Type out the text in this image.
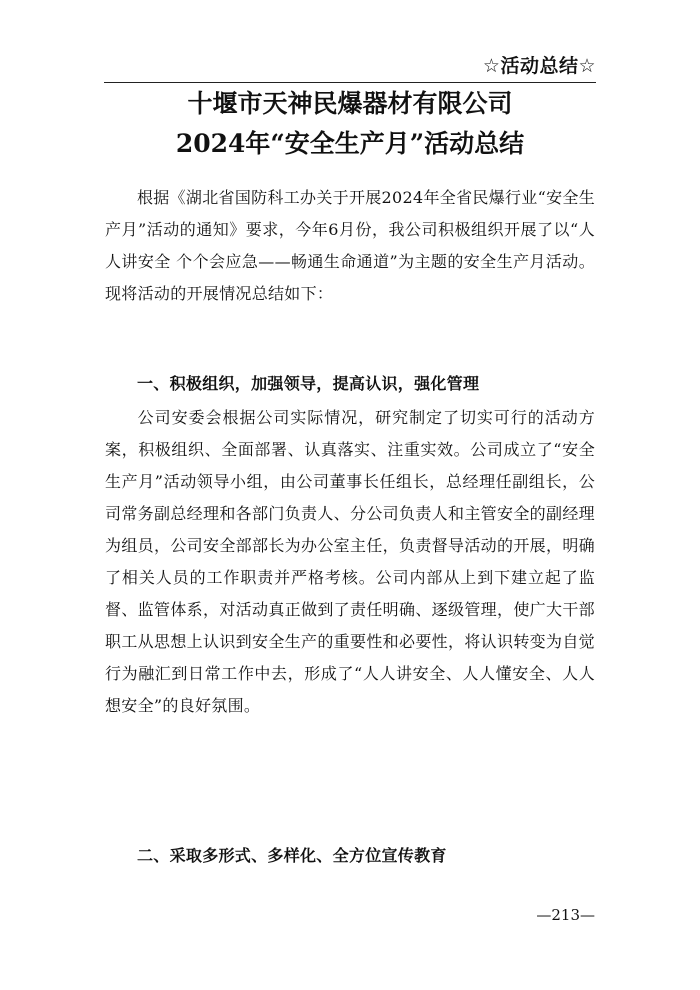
☆活动总结☆
十堰市天神民爆器材有限公司
2024年“安全生产月”活动总结
根据《湖北省国防科工办关于开展2024年全省民爆行业“安全生产月”活动的通知》要求，今年6月份，我公司积极组织开展了以“人人讲安全 个个会应急——畅通生命通道”为主题的安全生产月活动。现将活动的开展情况总结如下：
一、积极组织，加强领导，提高认识，强化管理
公司安委会根据公司实际情况，研究制定了切实可行的活动方案，积极组织、全面部署、认真落实、注重实效。公司成立了“安全生产月”活动领导小组，由公司董事长任组长，总经理任副组长，公司常务副总经理和各部门负责人、分公司负责人和主管安全的副经理为组员，公司安全部部长为办公室主任，负责督导活动的开展，明确了相关人员的工作职责并严格考核。公司内部从上到下建立起了监督、监管体系，对活动真正做到了责任明确、逐级管理，使广大干部职工从思想上认识到安全生产的重要性和必要性，将认识转变为自觉行为融汇到日常工作中去，形成了“人人讲安全、人人懂安全、人人想安全”的良好氛围。
二、采取多形式、多样化、全方位宣传教育
—213—
